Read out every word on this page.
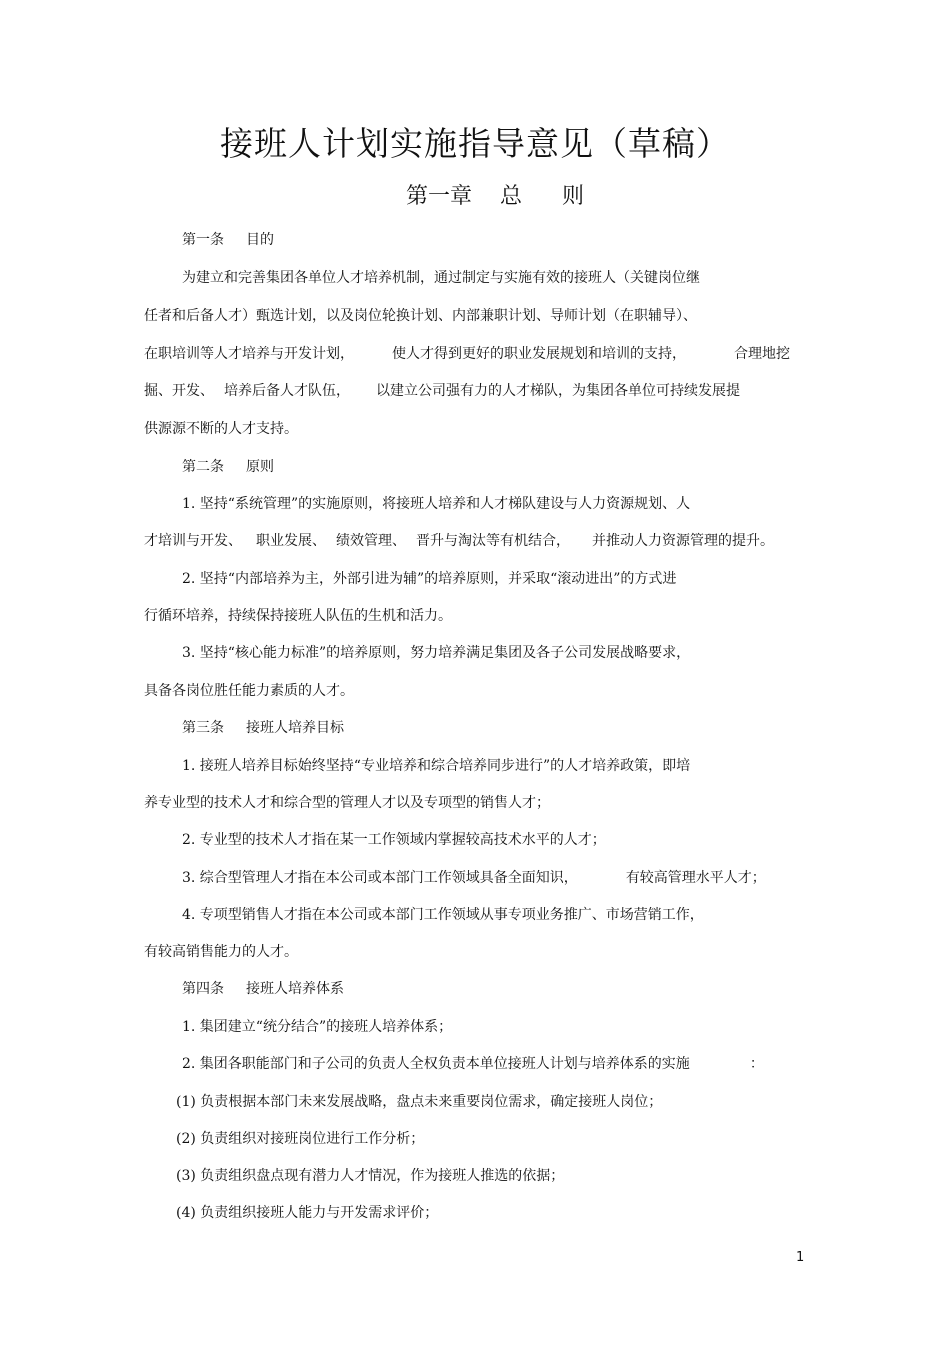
接班人计划实施指导意见（草稿）
第一章 总 则
第一条 目的
为建立和完善集团各单位人才培养机制，通过制定与实施有效的接班人（关键岗位继
任者和后备人才）甄选计划，以及岗位轮换计划、内部兼职计划、导师计划（在职辅导）、
在职培训等人才培养与开发计划，	使人才得到更好的职业发展规划和培训的支持，	合理地挖
掘、开发、 培养后备人才队伍， 以建立公司强有力的人才梯队，为集团各单位可持续发展提
供源源不断的人才支持。
第二条 原则
1. 坚持“系统管理”的实施原则，将接班人培养和人才梯队建设与人力资源规划、人
才培训与开发、 职业发展、 绩效管理、 晋升与淘汰等有机结合， 并推动人力资源管理的提升。
2. 坚持“内部培养为主，外部引进为辅”的培养原则，并采取“滚动进出”的方式进
行循环培养，持续保持接班人队伍的生机和活力。
3. 坚持“核心能力标准”的培养原则，努力培养满足集团及各子公司发展战略要求，
具备各岗位胜任能力素质的人才。
第三条 接班人培养目标
1. 接班人培养目标始终坚持“专业培养和综合培养同步进行”的人才培养政策，即培
养专业型的技术人才和综合型的管理人才以及专项型的销售人才；
2. 专业型的技术人才指在某一工作领域内掌握较高技术水平的人才；
3. 综合型管理人才指在本公司或本部门工作领域具备全面知识，	有较高管理水平人才；
4. 专项型销售人才指在本公司或本部门工作领域从事专项业务推广、市场营销工作，
有较高销售能力的人才。
第四条 接班人培养体系
1. 集团建立“统分结合”的接班人培养体系；
2. 集团各职能部门和子公司的负责人全权负责本单位接班人计划与培养体系的实施	：
(1) 负责根据本部门未来发展战略，盘点未来重要岗位需求，确定接班人岗位；
(2) 负责组织对接班岗位进行工作分析；
(3) 负责组织盘点现有潜力人才情况，作为接班人推选的依据；
(4) 负责组织接班人能力与开发需求评价；
1
